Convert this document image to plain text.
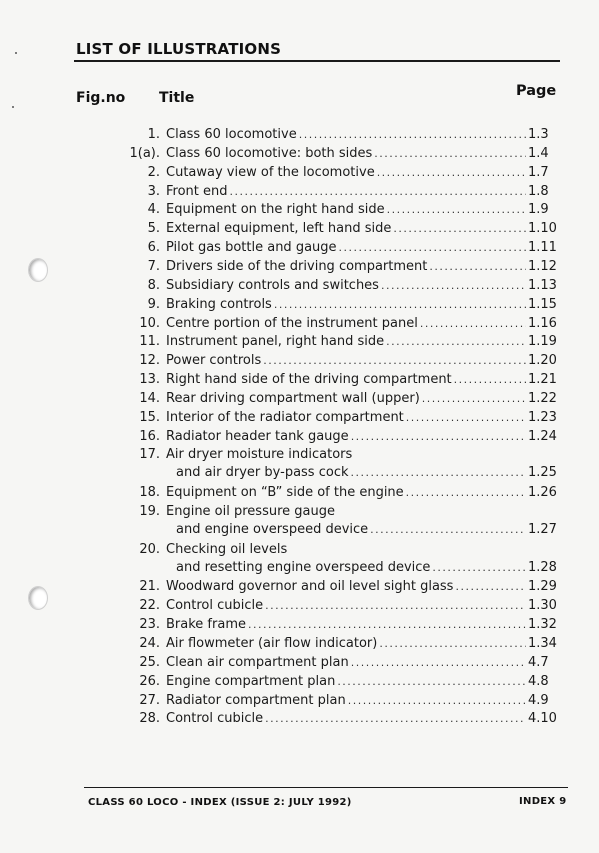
LIST OF ILLUSTRATIONS
Fig.no Title	Page
1. Class 60 locomotive .....	1.3
1(a). Class 60 locomotive: both sides .....	1.4
2. Cutaway view of the locomotive .....	1.7
3. Front end .....	1.8
4. Equipment on the right hand side .....	1.9
5. External equipment, left hand side .....	1.10
6. Pilot gas bottle and gauge .....	1.11
7. Drivers side of the driving compartment .....	1.12
8. Subsidiary controls and switches .....	1.13
9. Braking controls .....	1.15
10. Centre portion of the instrument panel .....	1.16
11. Instrument panel, right hand side .....	1.19
12. Power controls .....	1.20
13. Right hand side of the driving compartment .....	1.21
14. Rear driving compartment wall (upper) .....	1.22
15. Interior of the radiator compartment .....	1.23
16. Radiator header tank gauge .....	1.24
17. Air dryer moisture indicators
and air dryer by-pass cock .....	1.25
18. Equipment on “B” side of the engine .....	1.26
19. Engine oil pressure gauge
and engine overspeed device .....	1.27
20. Checking oil levels
and resetting engine overspeed device .....	1.28
21. Woodward governor and oil level sight glass .....	1.29
22. Control cubicle .....	1.30
23. Brake frame .....	1.32
24. Air flowmeter (air flow indicator) .....	1.34
25. Clean air compartment plan .....	4.7
26. Engine compartment plan .....	4.8
27. Radiator compartment plan .....	4.9
28. Control cubicle .....	4.10
CLASS 60 LOCO - INDEX (ISSUE 2: JULY 1992)	INDEX 9
